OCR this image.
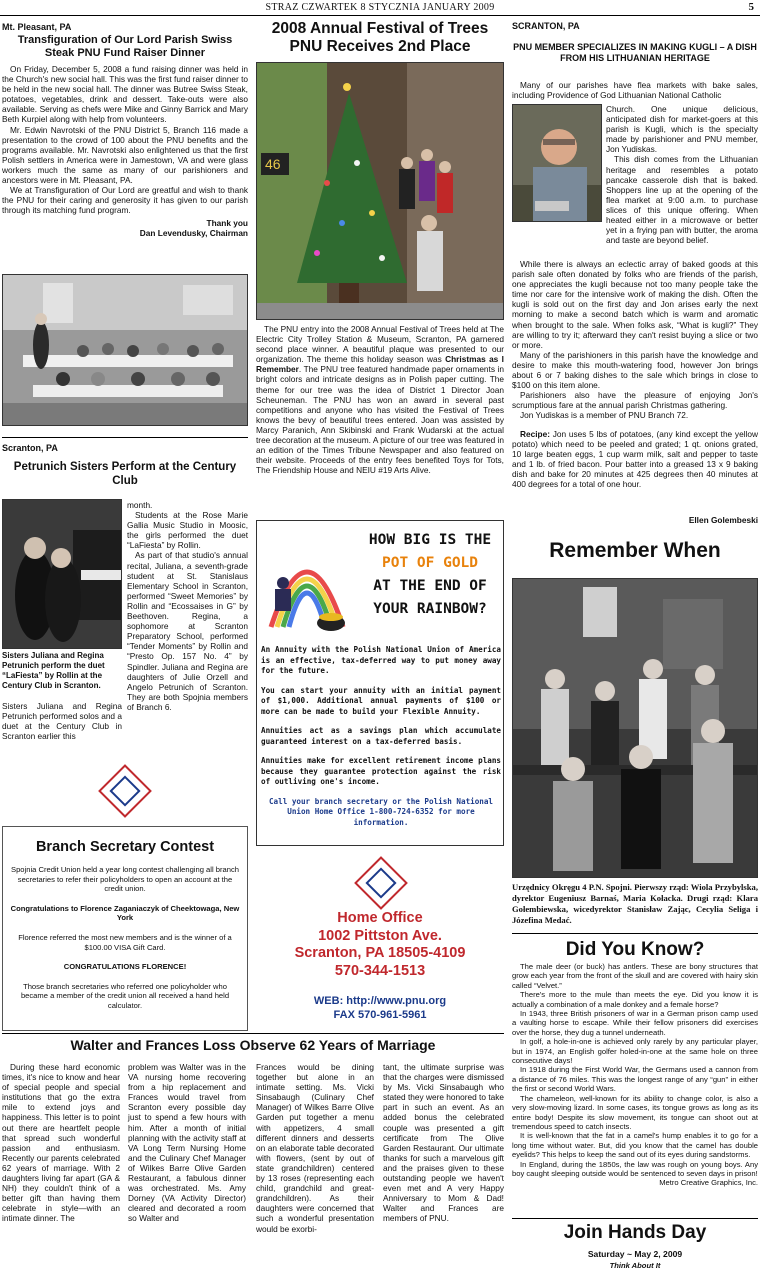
STRAZ CZWARTEK 8 STYCZNIA JANUARY 2009	5
Mt. Pleasant, PA
Transfiguration of Our Lord Parish Swiss Steak PNU Fund Raiser Dinner

On Friday, December 5, 2008 a fund raising dinner was held in the Church's new social hall. This was the first fund raiser dinner to be held in the new social hall. The dinner was Butree Swiss Steak, potatoes, vegetables, drink and dessert. Take-outs were also available. Serving as chefs were Mike and Ginny Barrick and Mary Beth Kurpiel along with help from volunteers.

Mr. Edwin Navrotski of the PNU District 5, Branch 116 made a presentation to the crowd of 100 about the PNU benefits and the programs available. Mr. Navrotski also enlightened us that the first Polish settlers in America were in Jamestown, VA and were glass workers much the same as many of our parishioners and ancestors were in Mt. Pleasant, PA.

We at Transfiguration of Our Lord are greatful and wish to thank the PNU for their caring and generosity it has given to our parish through its matching fund program.

Thank you
Dan Levendusky, Chairman
Scranton, PA
Petrunich Sisters Perform at the Century Club
Sisters Juliana and Regina Petrunich perform the duet “LaFiesta” by Rollin at the Century Club in Scranton.
Sisters Juliana and Regina Petrunich performed solos and a duet at the Century Club in Scranton earlier this

month.

Students at the Rose Marie Gallia Music Studio in Moosic, the girls performed the duet “LaFiesta” by Rollin.

As part of that studio's annual recital, Juliana, a seventh-grade student at St. Stanislaus Elementary School in Scranton, performed “Sweet Memories” by Rollin and “Ecossaises in G” by Beethoven. Regina, a sophomore at Scranton Preparatory School, performed “Tender Moments” by Rollin and “Presto Op. 157 No. 4” by Spindler. Juliana and Regina are daughters of Julie Orzell and Angelo Petrunich of Scranton. They are both Spojnia members of Branch 6.

Branch Secretary Contest
Spojnia Credit Union held a year long contest challenging all branch secretaries to refer their policyholders to open an account at the credit union.
Congratulations to Florence Zaganiaczyk of Cheektowaga, New York
Florence referred the most new members and is the winner of a $100.00 VISA Gift Card.
CONGRATULATIONS FLORENCE!
Those branch secretaries who referred one policyholder who became a member of the credit union all received a hand held calculator.
2008 Annual Festival of Trees PNU Receives 2nd Place
46

The PNU entry into the 2008 Annual Festival of Trees held at The Electric City Trolley Station & Museum, Scranton, PA garnered second place winner. A beautiful plaque was presented to our organization. The theme this holiday season was Christmas as I Remember. The PNU tree featured handmade paper ornaments in bright colors and intricate designs as in Polish paper cutting. The theme for our tree was the idea of District 1 Director Joan Scheuneman. The PNU has won an award in several past competitions and anyone who has visited the Festival of Trees knows the bevy of beautiful trees entered. Joan was assisted by Marcy Paranich, Ann Skibinski and Frank Wudarski at the actual tree decoration at the museum. A picture of our tree was featured in an edition of the Times Tribune Newspaper and also featured on their website. Proceeds of the entry fees benefited Toys for Tots, The Friendship House and NEIU #19 Arts Alive.

HOW BIG IS THE
POT OF GOLD
AT THE END OF
YOUR RAINBOW?
An Annuity with the Polish National Union of America is an effective, tax-deferred way to put money away for the future.
You can start your annuity with an initial payment of $1,000. Additional annual payments of $100 or more can be made to build your Flexible Annuity.
Annuities act as a savings plan which accumulate guaranteed interest on a tax-deferred basis.
Annuities make for excellent retirement income plans because they guarantee protection against the risk of outliving one's income.
Call your branch secretary or the Polish National Union Home Office 1-800-724-6352 for more information.
Home Office
1002 Pittston Ave.
Scranton, PA 18505-4109
570-344-1513
WEB: http://www.pnu.org
FAX 570-961-5961
SCRANTON, PA
PNU MEMBER SPECIALIZES IN MAKING KUGLI – A DISH FROM HIS LITHUANIAN HERITAGE

Many of our parishes have flea markets with bake sales, including Providence of God Lithuanian National Catholic

Church. One unique delicious, anticipated dish for market-goers at this parish is Kugli, which is the specialty made by parishioner and PNU member, Jon Yudiskas.

This dish comes from the Lithuanian heritage and resembles a potato pancake casserole dish that is baked. Shoppers line up at the opening of the flea market at 9:00 a.m. to purchase slices of this unique offering. When heated either in a microwave or better yet in a frying pan with butter, the aroma and taste are beyond belief.

While there is always an eclectic array of baked goods at this parish sale often donated by folks who are friends of the parish, one appreciates the kugli because not too many people take the time nor care for the intensive work of making the dish. Often the kugli is sold out on the first day and Jon arises early the next morning to make a second batch which is warm and aromatic when brought to the sale. When folks ask, “What is kugli?” They are willing to try it; afterward they can't resist buying a slice or two or more.

Many of the parishioners in this parish have the knowledge and desire to make this mouth-watering food, however Jon brings about 6 or 7 baking dishes to the sale which brings in close to $100 on this item alone.

Parishioners also have the pleasure of enjoying Jon's scrumptious fare at the annual parish Christmas gathering.

Jon Yudiskas is a member of PNU Branch 72.

Recipe: Jon uses 5 lbs of potatoes, (any kind except the yellow potato) which need to be peeled and grated; 1 qt. onions grated, 10 large beaten eggs, 1 cup warm milk, salt and pepper to taste and 1 lb. of fried bacon. Pour batter into a greased 13 x 9 baking dish and bake for 20 minutes at 425 degrees then 40 minutes at 400 degrees for a total of one hour.

Ellen Golembeski
Remember When
Urzędnicy Okręgu 4 P.N. Spojni. Pierwszy rząd: Wiola Przybylska, dyrektor Eugeniusz Barnaś, Maria Kołacka. Drugi rząd: Klara Gołembiewska, wicedyrektor Stanisław Zając, Cecylia Seliga i Józefina Medać.
Did You Know?

The male deer (or buck) has antlers. These are bony structures that grow each year from the front of the skull and are covered with hairy skin called “Velvet.”

There's more to the mule than meets the eye. Did you know it is actually a combination of a male donkey and a female horse?

In 1943, three British prisoners of war in a German prison camp used a vaulting horse to escape. While their fellow prisoners did exercises over the horse, they dug a tunnel underneath.

In golf, a hole-in-one is achieved only rarely by any particular player, but in 1974, an English golfer holed-in-one at the same hole on three consecutive days!

In 1918 during the First World War, the Germans used a cannon from a distance of 76 miles. This was the longest range of any “gun” in either the first or second World Wars.

The chameleon, well-known for its ability to change color, is also a very slow-moving lizard. In some cases, its tongue grows as long as its entire body! Despite its slow movement, its tongue can shoot out at tremendous speed to catch insects.

It is well-known that the fat in a camel's hump enables it to go for a long time without water. But, did you know that the camel has double eyelids? This helps to keep the sand out of its eyes during sandstorms.

In England, during the 1850s, the law was rough on young boys. Any boy caught sleeping outside would be sentenced to seven days in prison!

Metro Creative Graphics, Inc.
Join Hands Day
Saturday ~ May 2, 2009
Think About It
Walter and Frances Loss Observe 62 Years of Marriage

During these hard economic times, it's nice to know and hear of special people and special institutions that go the extra mile to extend joys and happiness. This letter is to point out there are heartfelt people that spread such wonderful passion and enthusiasm. Recently our parents celebrated 62 years of marriage. With 2 daughters living far apart (GA & NH) they couldn't think of a better gift than having them celebrate in style—with an intimate dinner. The

problem was Walter was in the VA nursing home recovering from a hip replacement and Frances would travel from Scranton every possible day just to spend a few hours with him. After a month of initial planning with the activity staff at VA Long Term Nursing Home and the Culinary Chef Manager of Wilkes Barre Olive Garden Restaurant, a fabulous dinner was orchestrated. Ms. Amy Dorney (VA Activity Director) cleared and decorated a room so Walter and

Frances would be dining together but alone in an intimate setting. Ms. Vicki Sinsabaugh (Culinary Chef Manager) of Wilkes Barre Olive Garden put together a menu with appetizers, 4 small different dinners and desserts on an elaborate table decorated with flowers, (sent by out of state grandchildren) centered by 13 roses (representing each child, grandchild and great-grandchildren). As their daughters were concerned that such a wonderful presentation would be exorbi-

tant, the ultimate surprise was that the charges were dismissed by Ms. Vicki Sinsabaugh who stated they were honored to take part in such an event. As an added bonus the celebrated couple was presented a gift certificate from The Olive Garden Restaurant. Our ultimate thanks for such a marvelous gift and the praises given to these outstanding people we haven't even met and A very Happy Anniversary to Mom & Dad! Walter and Frances are members of PNU.
